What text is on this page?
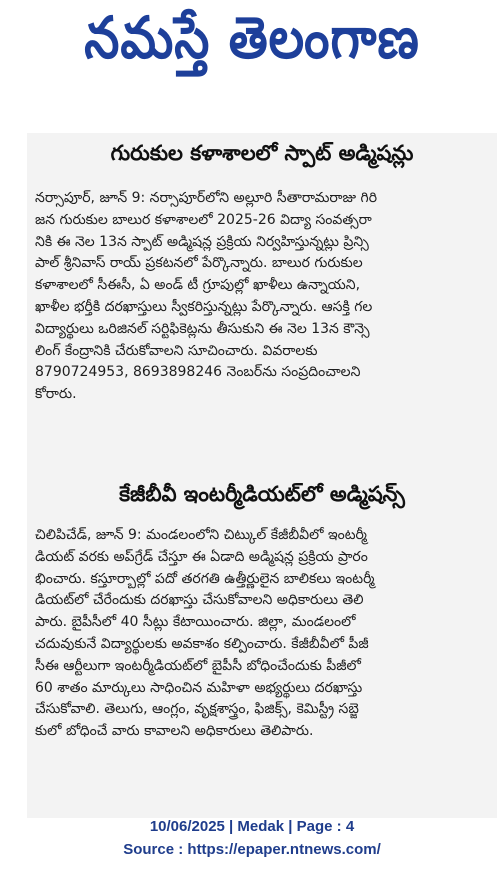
నమస్తే తెలంగాణ
గురుకుల కళాశాలలో స్పాట్ అడ్మిషన్లు
నర్సాపూర్, జూన్ 9: నర్సాపూర్‌లోని అల్లూరి సీతారామరాజు గిరి
జన గురుకుల బాలుర కళాశాలలో 2025-26 విద్యా సంవత్సరా
నికి ఈ నెల 13న స్పాట్ అడ్మిషన్ల ప్రక్రియ నిర్వహిస్తున్నట్లు ప్రిన్సి
పాల్ శ్రీనివాస్ రాయ్ ప్రకటనలో పేర్కొన్నారు. బాలుర గురుకుల
కళాశాలలో సీఈసీ, ఏ అండ్ టీ గ్రూపుల్లో ఖాళీలు ఉన్నాయని,
ఖాళీల భర్తీకి దరఖాస్తులు స్వీకరిస్తున్నట్లు పేర్కొన్నారు. ఆసక్తి గల
విద్యార్థులు ఒరిజినల్ సర్టిఫికెట్లను తీసుకుని ఈ నెల 13న కౌన్సె
లింగ్ కేంద్రానికి చేరుకోవాలని సూచించారు. వివరాలకు
8790724953, 8693898246 నెంబర్‌ను సంప్రదించాలని
కోరారు.
కేజీబీవీ ఇంటర్మీడియట్‌లో అడ్మిషన్స్
చిలిపిచేడ్, జూన్ 9: మండలంలోని చిట్కుల్ కేజీబీవీలో ఇంటర్మీ
డియట్ వరకు అప్‌గ్రేడ్ చేస్తూ ఈ ఏడాది అడ్మిషన్ల ప్రక్రియ ప్రారం
భించారు. కస్తూర్బాల్లో పదో తరగతి ఉత్తీర్ణులైన బాలికలు ఇంటర్మీ
డియట్‌లో చేరేందుకు దరఖాస్తు చేసుకోవాలని అధికారులు తెలి
పారు. బైపీసీలో 40 సీట్లు కేటాయించారు. జిల్లా, మండలంలో
చదువుకునే విద్యార్థులకు అవకాశం కల్పించారు. కేజీబీవీలో పీజీ
సీఈ ఆర్టీలుగా ఇంటర్మీడియట్‌లో బైపీసీ బోధించేందుకు పీజీలో
60 శాతం మార్కులు సాధించిన మహిళా అభ్యర్థులు దరఖాస్తు
చేసుకోవాలి. తెలుగు, ఆంగ్లం, వృక్షశాస్త్రం, ఫిజిక్స్, కెమిస్ట్రీ సబ్జె
కులో బోధించే వారు కావాలని అధికారులు తెలిపారు.
10/06/2025 | Medak | Page : 4
Source : https://epaper.ntnews.com/
